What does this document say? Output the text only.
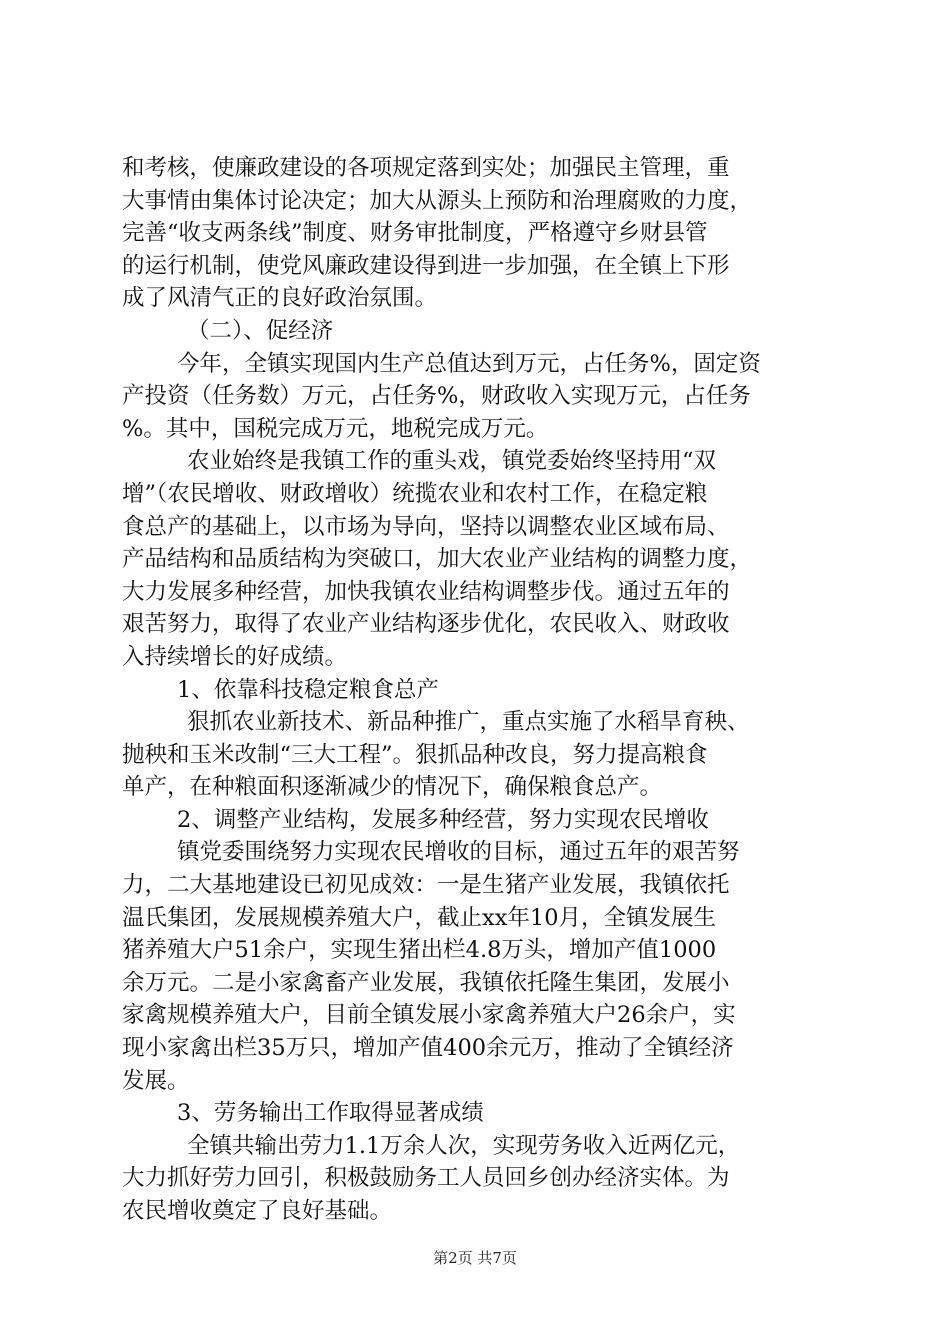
和考核，使廉政建设的各项规定落到实处；加强民主管理，重
大事情由集体讨论决定；加大从源头上预防和治理腐败的力度，
完善“收支两条线”制度、财务审批制度，严格遵守乡财县管
的运行机制，使党风廉政建设得到进一步加强，在全镇上下形
成了风清气正的良好政治氛围。
（二）、促经济
今年，全镇实现国内生产总值达到万元，占任务%，固定资
产投资（任务数）万元，占任务%，财政收入实现万元，占任务
%。其中，国税完成万元，地税完成万元。
农业始终是我镇工作的重头戏，镇党委始终坚持用“双
增”（农民增收、财政增收）统揽农业和农村工作，在稳定粮
食总产的基础上，以市场为导向，坚持以调整农业区域布局、
产品结构和品质结构为突破口，加大农业产业结构的调整力度，
大力发展多种经营，加快我镇农业结构调整步伐。通过五年的
艰苦努力，取得了农业产业结构逐步优化，农民收入、财政收
入持续增长的好成绩。
1、依靠科技稳定粮食总产
狠抓农业新技术、新品种推广，重点实施了水稻旱育秧、
抛秧和玉米改制“三大工程”。狠抓品种改良，努力提高粮食
单产，在种粮面积逐渐减少的情况下，确保粮食总产。
2、调整产业结构，发展多种经营，努力实现农民增收
镇党委围绕努力实现农民增收的目标，通过五年的艰苦努
力，二大基地建设已初见成效：一是生猪产业发展，我镇依托
温氏集团，发展规模养殖大户，截止xx年10月，全镇发展生
猪养殖大户51余户，实现生猪出栏4.8万头，增加产值1000
余万元。二是小家禽畜产业发展，我镇依托隆生集团，发展小
家禽规模养殖大户，目前全镇发展小家禽养殖大户26余户，实
现小家禽出栏35万只，增加产值400余元万，推动了全镇经济
发展。
3、劳务输出工作取得显著成绩
全镇共输出劳力1.1万余人次，实现劳务收入近两亿元，
大力抓好劳力回引，积极鼓励务工人员回乡创办经济实体。为
农民增收奠定了良好基础。
第2页 共7页
